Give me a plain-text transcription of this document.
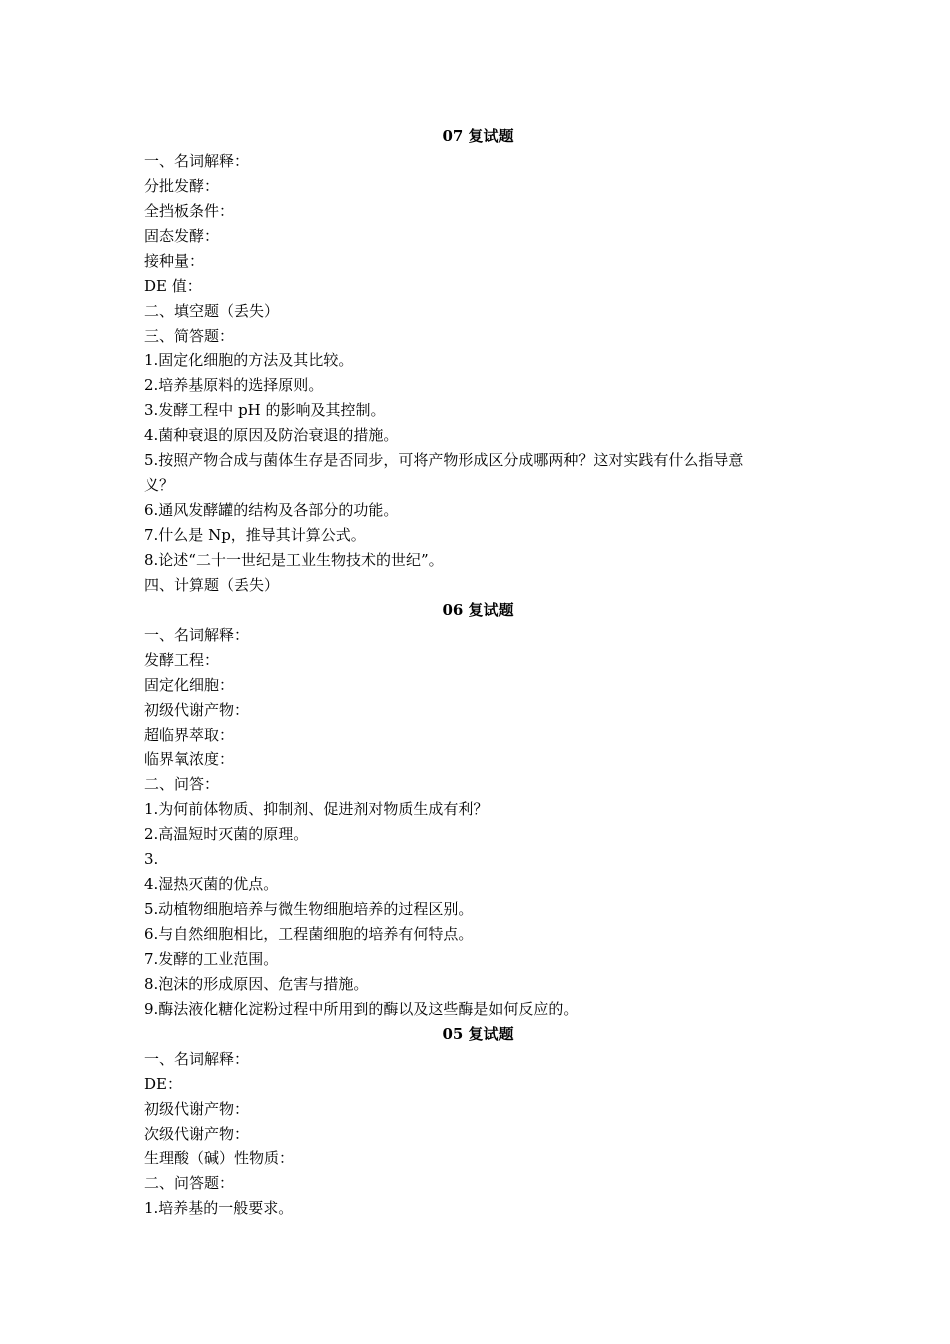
07 复试题
一、名词解释：
分批发酵：
全挡板条件：
固态发酵：
接种量：
DE 值：
二、填空题（丢失）
三、简答题：
1.固定化细胞的方法及其比较。
2.培养基原料的选择原则。
3.发酵工程中 pH 的影响及其控制。
4.菌种衰退的原因及防治衰退的措施。
5.按照产物合成与菌体生存是否同步，可将产物形成区分成哪两种？这对实践有什么指导意
义？
6.通风发酵罐的结构及各部分的功能。
7.什么是 Np，推导其计算公式。
8.论述“二十一世纪是工业生物技术的世纪”。
四、计算题（丢失）
06 复试题
一、名词解释：
发酵工程：
固定化细胞：
初级代谢产物：
超临界萃取：
临界氧浓度：
二、问答：
1.为何前体物质、抑制剂、促进剂对物质生成有利？
2.高温短时灭菌的原理。
3.
4.湿热灭菌的优点。
5.动植物细胞培养与微生物细胞培养的过程区别。
6.与自然细胞相比，工程菌细胞的培养有何特点。
7.发酵的工业范围。
8.泡沫的形成原因、危害与措施。
9.酶法液化糖化淀粉过程中所用到的酶以及这些酶是如何反应的。
05 复试题
一、名词解释：
DE：
初级代谢产物：
次级代谢产物：
生理酸（碱）性物质：
二、问答题：
1.培养基的一般要求。
